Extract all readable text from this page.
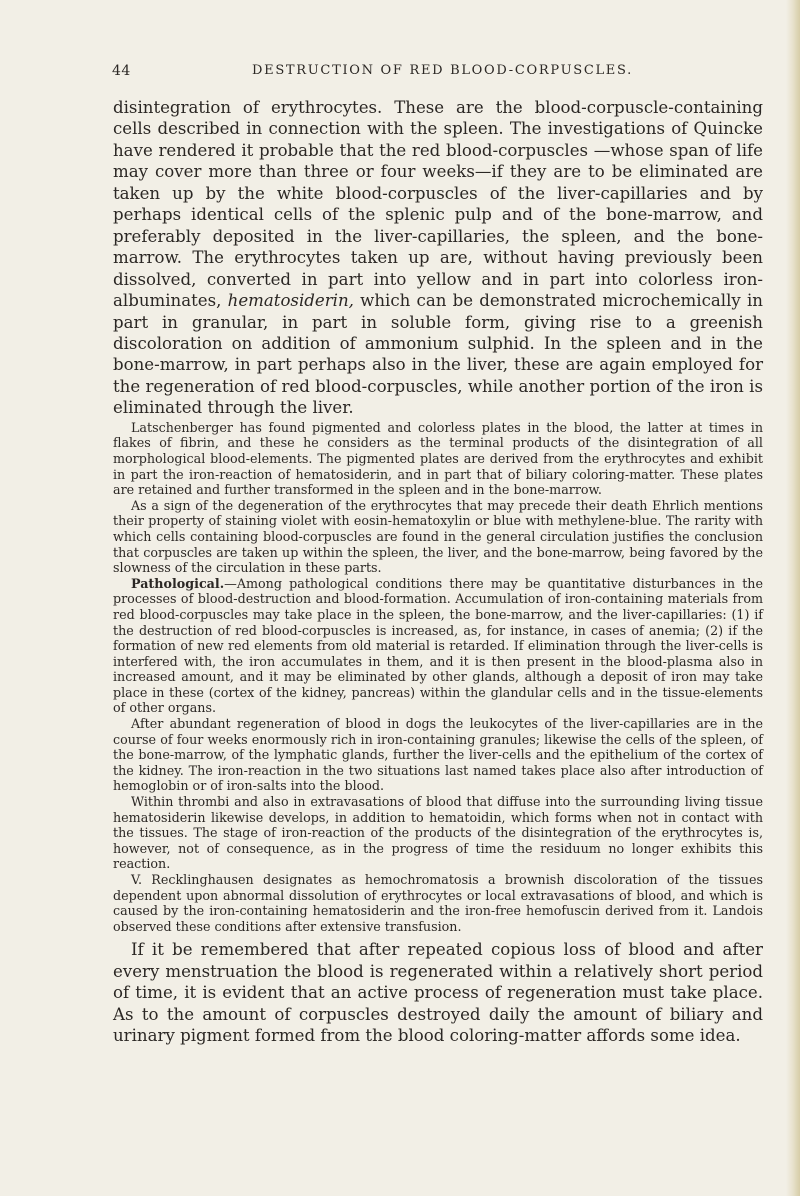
44	DESTRUCTION OF RED BLOOD-CORPUSCLES.

disintegration of erythrocytes. These are the blood-corpuscle-containing cells described in connection with the spleen. The investigations of Quincke have rendered it probable that the red blood-corpuscles —whose span of life may cover more than three or four weeks—if they are to be eliminated are taken up by the white blood-corpuscles of the liver-capillaries and by perhaps identical cells of the splenic pulp and of the bone-marrow, and preferably deposited in the liver-capillaries, the spleen, and the bone-marrow. The erythrocytes taken up are, without having previously been dissolved, converted in part into yellow and in part into colorless iron-albuminates, hematosiderin, which can be demonstrated microchemically in part in granular, in part in soluble form, giving rise to a greenish discoloration on addition of ammonium sulphid. In the spleen and in the bone-marrow, in part perhaps also in the liver, these are again employed for the regeneration of red blood-corpuscles, while another portion of the iron is eliminated through the liver.

Latschenberger has found pigmented and colorless plates in the blood, the latter at times in flakes of fibrin, and these he considers as the terminal products of the disintegration of all morphological blood-elements. The pigmented plates are derived from the erythrocytes and exhibit in part the iron-reaction of hematosiderin, and in part that of biliary coloring-matter. These plates are retained and further transformed in the spleen and in the bone-marrow.

As a sign of the degeneration of the erythrocytes that may precede their death Ehrlich mentions their property of staining violet with eosin-hematoxylin or blue with methylene-blue. The rarity with which cells containing blood-corpuscles are found in the general circulation justifies the conclusion that corpuscles are taken up within the spleen, the liver, and the bone-marrow, being favored by the slowness of the circulation in these parts.

Pathological.—Among pathological conditions there may be quantitative disturbances in the processes of blood-destruction and blood-formation. Accumulation of iron-containing materials from red blood-corpuscles may take place in the spleen, the bone-marrow, and the liver-capillaries: (1) if the destruction of red blood-corpuscles is increased, as, for instance, in cases of anemia; (2) if the formation of new red elements from old material is retarded. If elimination through the liver-cells is interfered with, the iron accumulates in them, and it is then present in the blood-plasma also in increased amount, and it may be eliminated by other glands, although a deposit of iron may take place in these (cortex of the kidney, pancreas) within the glandular cells and in the tissue-elements of other organs.

After abundant regeneration of blood in dogs the leukocytes of the liver-capillaries are in the course of four weeks enormously rich in iron-containing granules; likewise the cells of the spleen, of the bone-marrow, of the lymphatic glands, further the liver-cells and the epithelium of the cortex of the kidney. The iron-reaction in the two situations last named takes place also after introduction of hemoglobin or of iron-salts into the blood.

Within thrombi and also in extravasations of blood that diffuse into the surrounding living tissue hematosiderin likewise develops, in addition to hematoidin, which forms when not in contact with the tissues. The stage of iron-reaction of the products of the disintegration of the erythrocytes is, however, not of consequence, as in the progress of time the residuum no longer exhibits this reaction.

V. Recklinghausen designates as hemochromatosis a brownish discoloration of the tissues dependent upon abnormal dissolution of erythrocytes or local extravasations of blood, and which is caused by the iron-containing hematosiderin and the iron-free hemofuscin derived from it. Landois observed these conditions after extensive transfusion.

If it be remembered that after repeated copious loss of blood and after every menstruation the blood is regenerated within a relatively short period of time, it is evident that an active process of regeneration must take place. As to the amount of corpuscles destroyed daily the amount of biliary and urinary pigment formed from the blood coloring-matter affords some idea.
